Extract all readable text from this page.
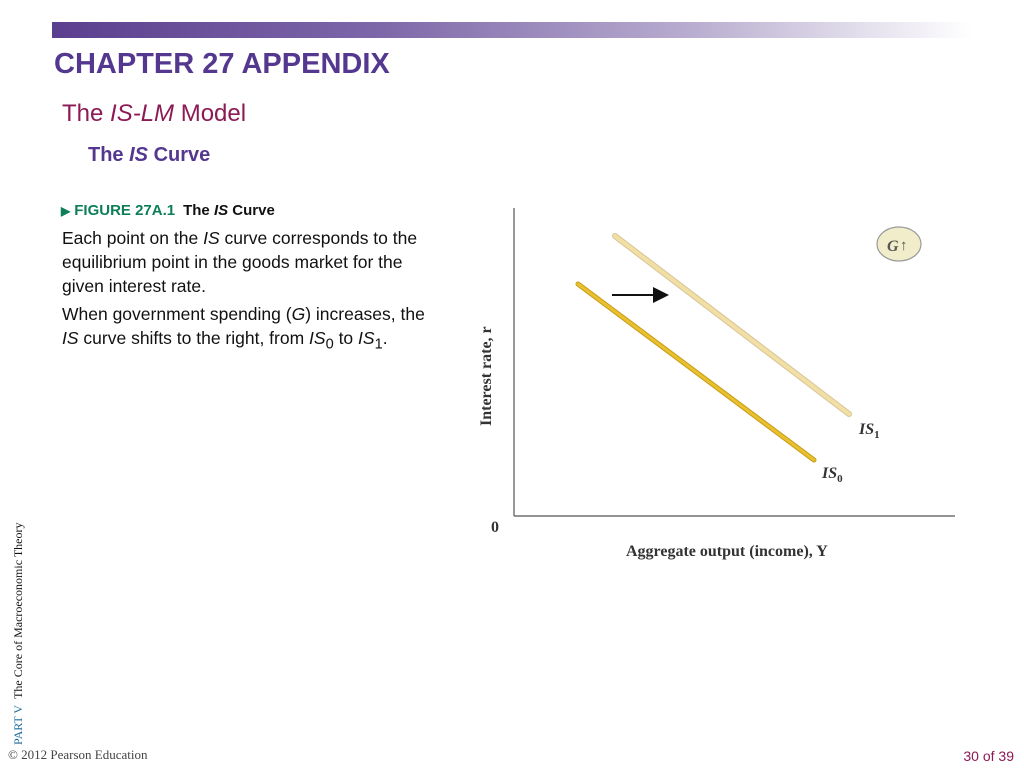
CHAPTER 27 APPENDIX
The IS-LM Model
The IS Curve
▶ FIGURE 27A.1 The IS Curve

Each point on the IS curve corresponds to the equilibrium point in the goods market for the given interest rate.

When government spending (G) increases, the IS curve shifts to the right, from $IS_0$ to $IS_1$.	Interest rate, r
0
Aggregate output (income), Y
G ↑
$IS_1$
$IS_0$
PART VThe Core of Macroeconomic Theory
© 2012 Pearson Education	30 of 39
